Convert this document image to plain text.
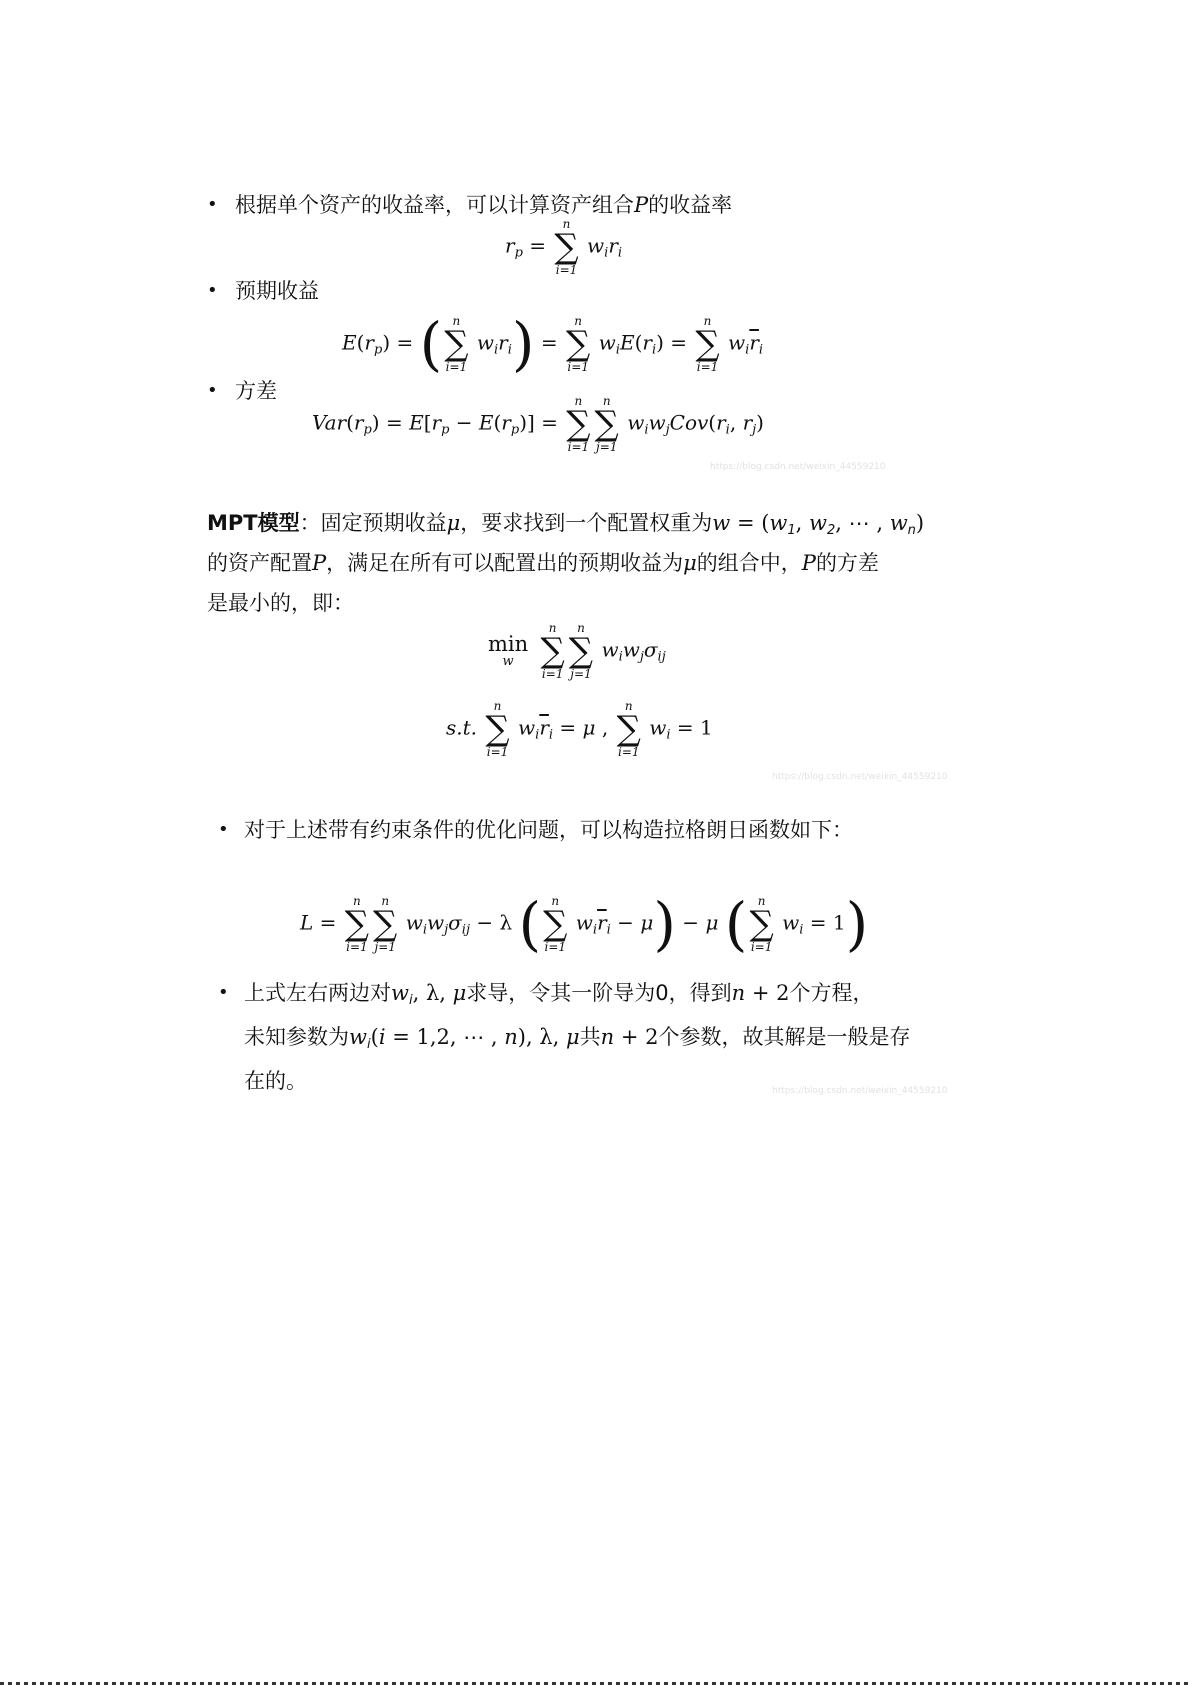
• 根据单个资产的收益率，可以计算资产组合P的收益率
$r_p$ =
n
∑
i=1
$w_ir_i$
• 预期收益
$E(r_p)$ = ( n
∑
i=1
$w_ir_i$) =
n
∑
i=1
$w_iE(r_i)$ =
n
∑
i=1
$w_i\overline{r}_i$
• 方差
$Var(r_p) = E[r_p - E(r_p)]$ =
n
∑
i=1
n
∑
j=1
$w_iw_jCov(r_i$, $r_j$)
https://blog.csdn.net/weixin_44559210
MPT模型：固定预期收益μ，要求找到一个配置权重为$w = (w_1$, $w_2$, ⋯ , $w_n$)
的资产配置P，满足在所有可以配置出的预期收益为μ的组合中，P的方差
是最小的，即：
min
w

n
∑
i=1
n
∑
j=1
$w_iw_j\sigma_{ij}$
s.t.
n
∑
i=1
$w_i\overline{r}_i = \mu$ ,
n
∑
i=1
$w_i = 1$
https://blog.csdn.net/weixin_44559210
• 对于上述带有约束条件的优化问题，可以构造拉格朗日函数如下：
L =
n
∑
i=1
n
∑
j=1
$w_iw_j\sigma_{ij} - \lambda$ ( n
∑
i=1
$w_i\overline{r}_i - \mu) - \mu$ ( n
∑
i=1
$w_i = 1$)
• 上式左右两边对$w_i$, λ, μ求导，令其一阶导为0，得到n + 2个方程，
未知参数为$w_i(i = 1,2$, ⋯ , n), λ, μ共n + 2个参数，故其解是一般是存
在的。	https://blog.csdn.net/weixin_44559210
